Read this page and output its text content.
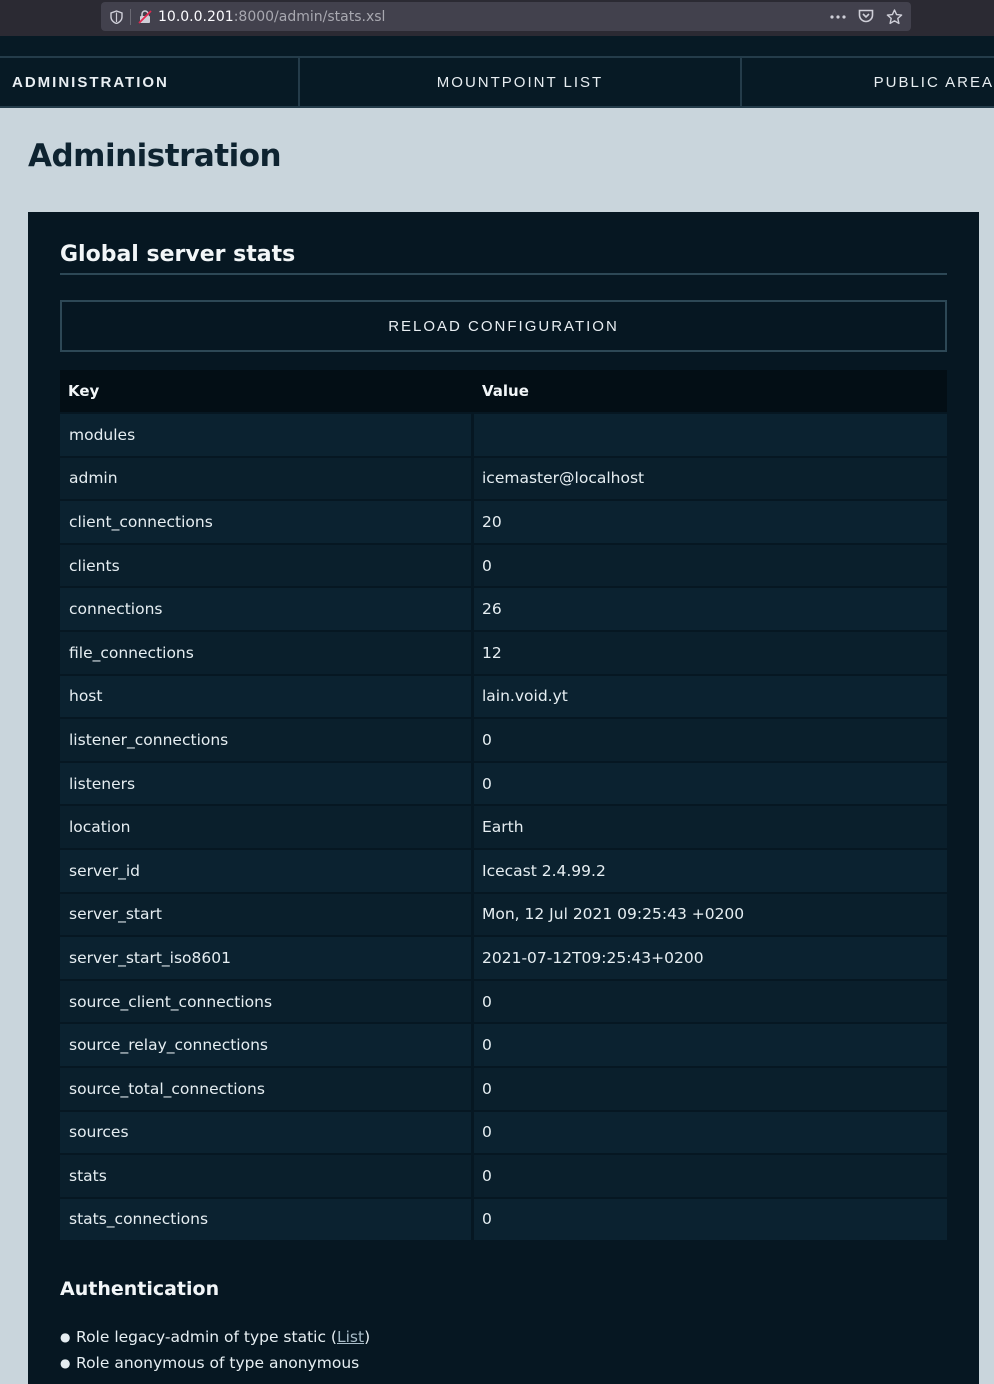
10.0.0.201:8000/admin/stats.xsl
ADMINISTRATION	MOUNTPOINT LIST	PUBLIC AREA
Administration
Global server stats
RELOAD CONFIGURATION
Key	Value
modules	
admin	icemaster@localhost
client_connections	20
clients	0
connections	26
file_connections	12
host	lain.void.yt
listener_connections	0
listeners	0
location	Earth
server_id	Icecast 2.4.99.2
server_start	Mon, 12 Jul 2021 09:25:43 +0200
server_start_iso8601	2021-07-12T09:25:43+0200
source_client_connections	0
source_relay_connections	0
source_total_connections	0
sources	0
stats	0
stats_connections	0
Authentication
● Role legacy-admin of type static ( List )
● Role anonymous of type anonymous
